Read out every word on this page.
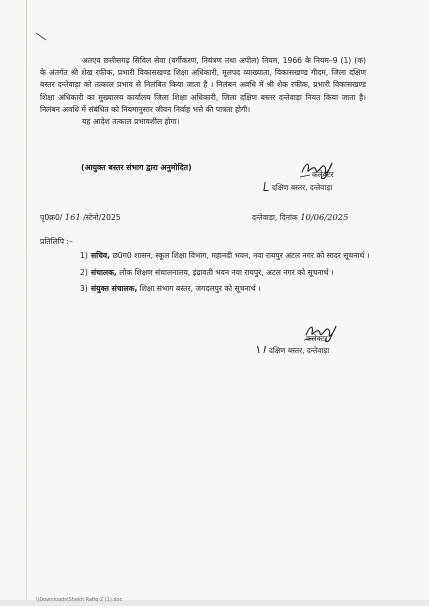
अतएव छत्तीसगढ़ सिविल सेवा (वर्गीकरण, नियंत्रण तथा अपील) नियम, 1966 के नियम–9 (1) (क) के अंतर्गत श्री शेख रफीक, प्रभारी विकासखण्ड शिक्षा अधिकारी, मूलपद व्याख्याता, विकासखण्ड गीदम, जिला दक्षिण बस्तर दन्तेवाड़ा को तत्काल प्रभाव से निलंबित किया जाता है । निलंबन अवधि में श्री शेक रफीक, प्रभारी विकासखण्ड शिक्षा अधिकारी का मुख्यालय कार्यालय जिला शिक्षा अधिकारी, जिला दक्षिण बस्तर दन्तेवाड़ा नियत किया जाता है। निलंबन अवधि में संबंधित को नियमानुसार जीवन निर्वाह भत्ते की पात्रता होगी।

यह आदेश तत्काल प्रभावशील होगा।

(आयुक्त बस्तर संभाग द्वारा अनुमोदित)
कलेक्टर
दक्षिण बस्तर, दन्तेवाड़ा
पृ0क्र0/ 161 /स्टेनो/2025	दन्तेवाड़ा, दिनांक 10/06/2025
प्रतिलिपि :–
1) सचिव, छ0ग0 शासन, स्कूल शिक्षा विभाग, महानदी भवन, नवा रायपुर अटल नगर को सादर सूचनार्थ ।
2) संचालक, लोक शिक्षण संचालनालय, इंद्रावती भवन नवा रायपुर, अटल नगर को सूचनार्थ ।
3) संयुक्त संचालक, शिक्षा संभाग बस्तर, जगदलपुर को सूचनार्थ ।
कलेक्टर
दक्षिण बस्तर, दन्तेवाड़ा
\\Downloads\Shekh Rafiq 2 (1).doc
